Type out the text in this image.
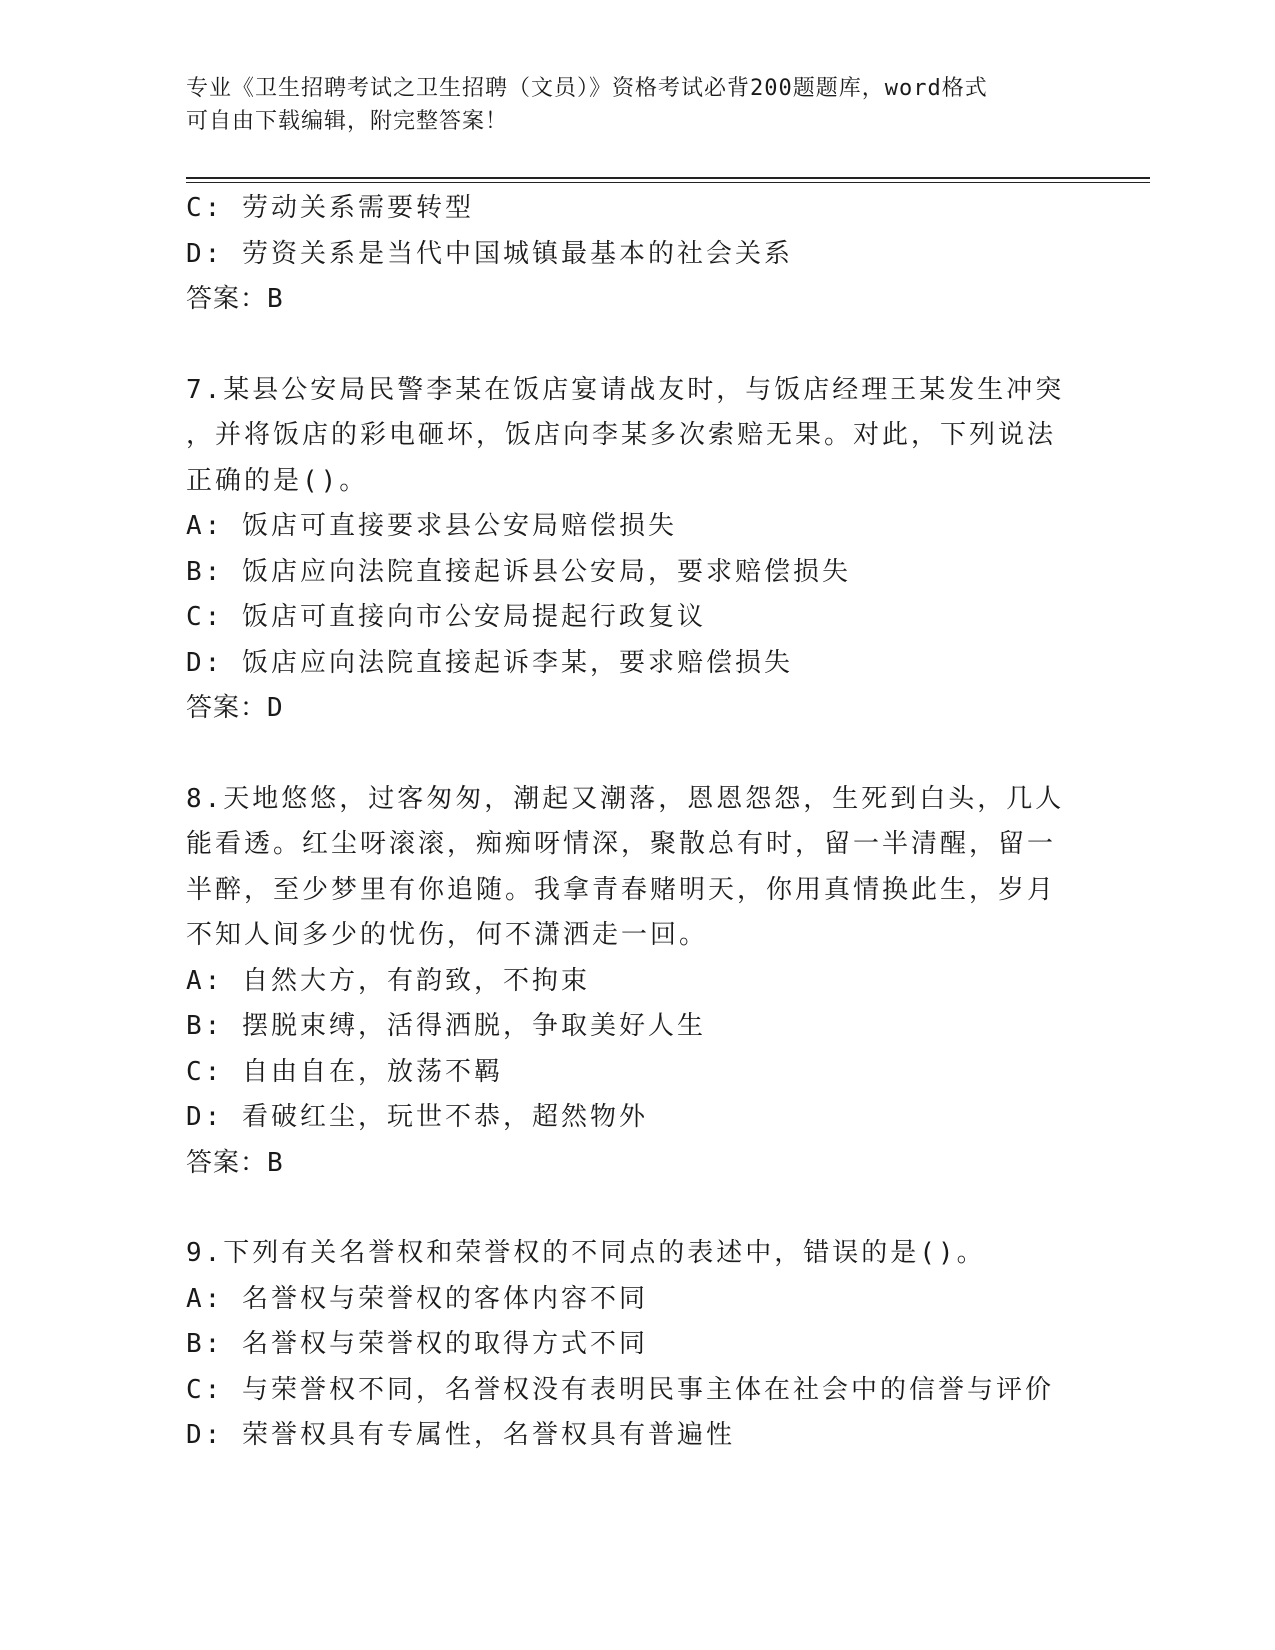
专业《卫生招聘考试之卫生招聘（文员）》资格考试必背200题题库，word格式
可自由下载编辑，附完整答案！
C: 劳动关系需要转型
D: 劳资关系是当代中国城镇最基本的社会关系
答案：B
7.某县公安局民警李某在饭店宴请战友时，与饭店经理王某发生冲突
，并将饭店的彩电砸坏，饭店向李某多次索赔无果。对此，下列说法
正确的是()。
A: 饭店可直接要求县公安局赔偿损失
B: 饭店应向法院直接起诉县公安局，要求赔偿损失
C: 饭店可直接向市公安局提起行政复议
D: 饭店应向法院直接起诉李某，要求赔偿损失
答案：D
8.天地悠悠，过客匆匆，潮起又潮落，恩恩怨怨，生死到白头，几人
能看透。红尘呀滚滚，痴痴呀情深，聚散总有时，留一半清醒，留一
半醉，至少梦里有你追随。我拿青春赌明天，你用真情换此生，岁月
不知人间多少的忧伤，何不潇洒走一回。
A: 自然大方，有韵致，不拘束
B: 摆脱束缚，活得洒脱，争取美好人生
C: 自由自在，放荡不羁
D: 看破红尘，玩世不恭，超然物外
答案：B
9.下列有关名誉权和荣誉权的不同点的表述中，错误的是()。
A: 名誉权与荣誉权的客体内容不同
B: 名誉权与荣誉权的取得方式不同
C: 与荣誉权不同，名誉权没有表明民事主体在社会中的信誉与评价
D: 荣誉权具有专属性，名誉权具有普遍性
